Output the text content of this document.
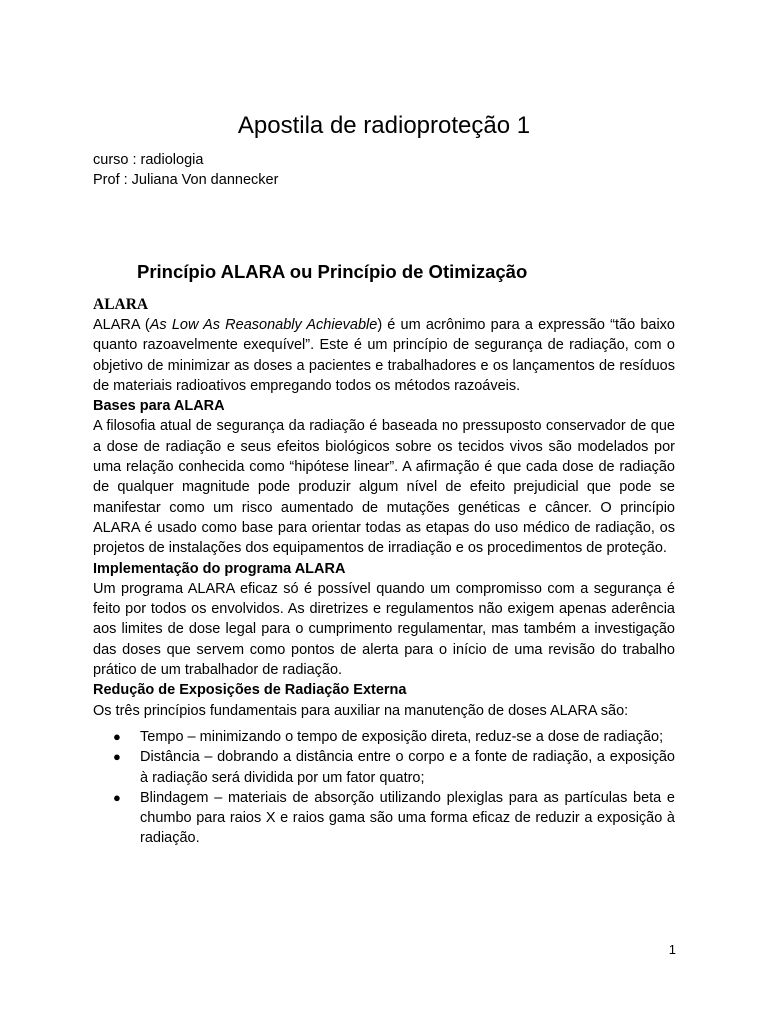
Apostila de radioproteção 1
curso : radiologia
Prof : Juliana Von dannecker
Princípio ALARA ou Princípio de Otimização
ALARA

ALARA (As Low As Reasonably Achievable) é um acrônimo para a expressão “tão baixo quanto razoavelmente exequível”. Este é um princípio de segurança de radiação, com o objetivo de minimizar as doses a pacientes e trabalhadores e os lançamentos de resíduos de materiais radioativos empregando todos os métodos razoáveis.

Bases para ALARA

A filosofia atual de segurança da radiação é baseada no pressuposto conservador de que a dose de radiação e seus efeitos biológicos sobre os tecidos vivos são modelados por uma relação conhecida como “hipótese linear”. A afirmação é que cada dose de radiação de qualquer magnitude pode produzir algum nível de efeito prejudicial que pode se manifestar como um risco aumentado de mutações genéticas e câncer. O princípio ALARA é usado como base para orientar todas as etapas do uso médico de radiação, os projetos de instalações dos equipamentos de irradiação e os procedimentos de proteção.

Implementação do programa ALARA

Um programa ALARA eficaz só é possível quando um compromisso com a segurança é feito por todos os envolvidos. As diretrizes e regulamentos não exigem apenas aderência aos limites de dose legal para o cumprimento regulamentar, mas também a investigação das doses que servem como pontos de alerta para o início de uma revisão do trabalho prático de um trabalhador de radiação.

Redução de Exposições de Radiação Externa

Os três princípios fundamentais para auxiliar na manutenção de doses ALARA são:

● Tempo – minimizando o tempo de exposição direta, reduz-se a dose de radiação;
● Distância – dobrando a distância entre o corpo e a fonte de radiação, a exposição à radiação será dividida por um fator quatro;
● Blindagem – materiais de absorção utilizando plexiglas para as partículas beta e chumbo para raios X e raios gama são uma forma eficaz de reduzir a exposição à radiação.
1
